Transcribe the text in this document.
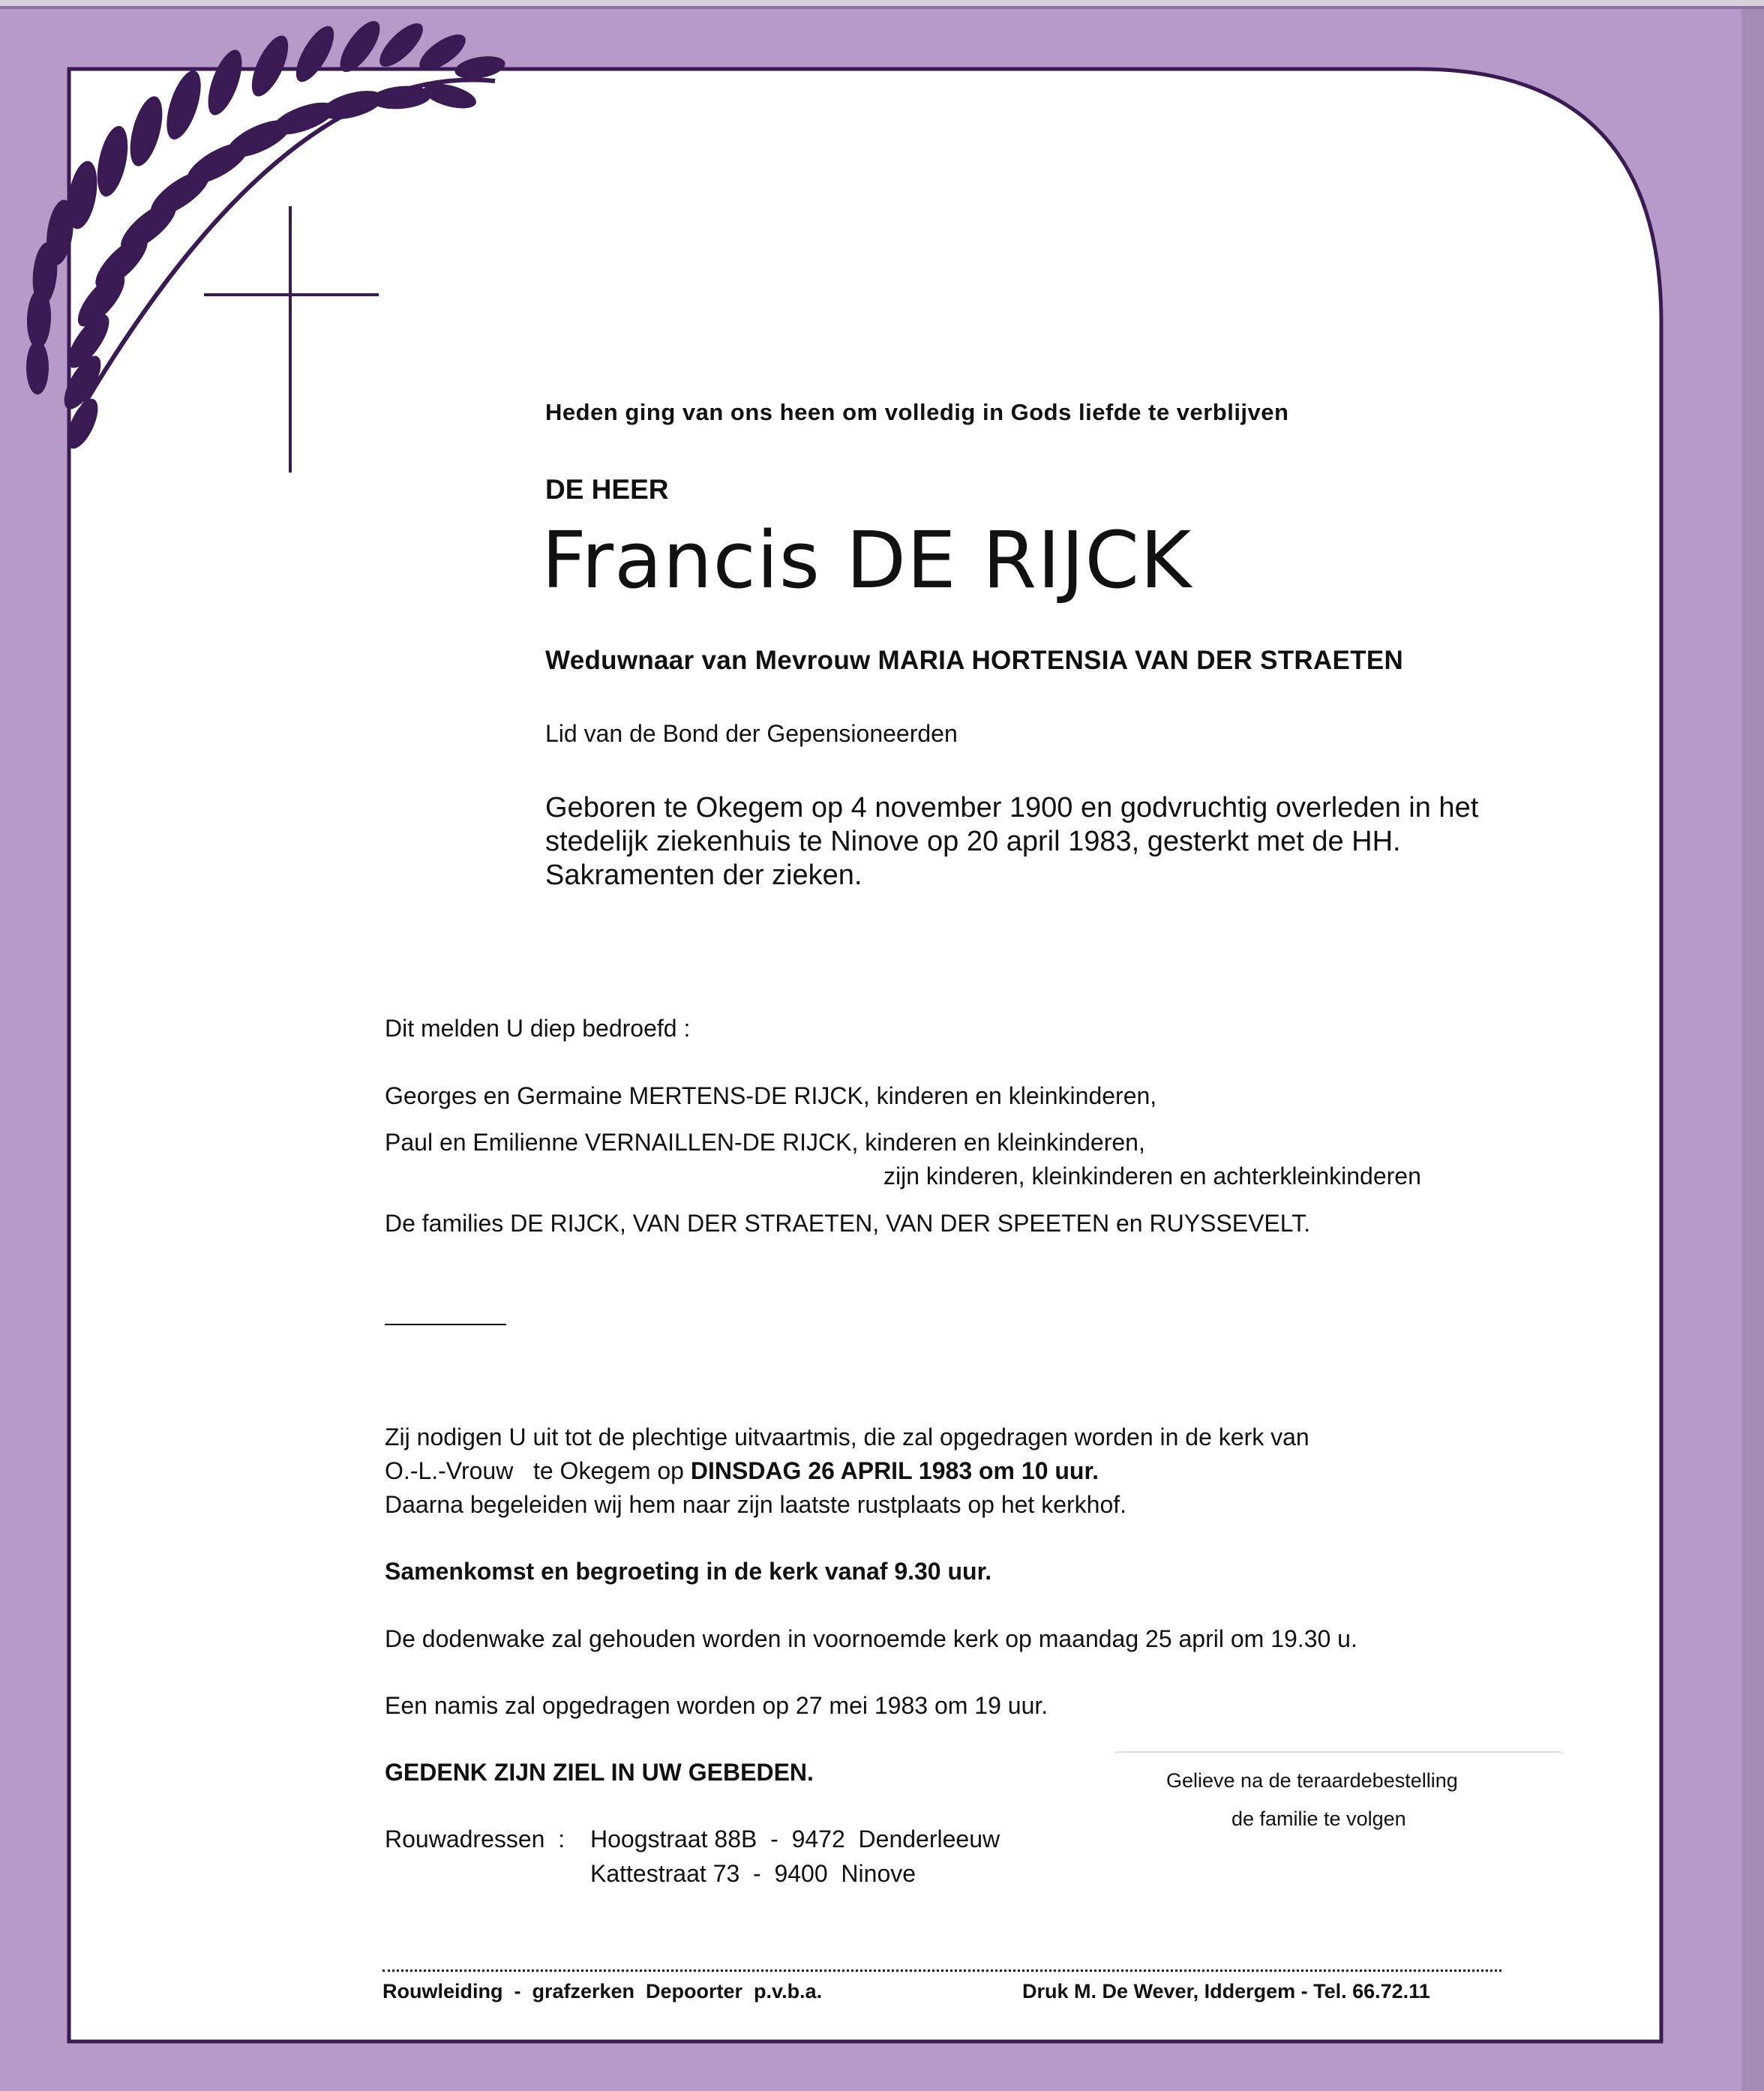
Heden ging van ons heen om volledig in Gods liefde te verblijven
DE HEER
Francis DE RIJCK
Weduwnaar van Mevrouw MARIA HORTENSIA VAN DER STRAETEN
Lid van de Bond der Gepensioneerden
Geboren te Okegem op 4 november 1900 en godvruchtig overleden in het stedelijk ziekenhuis te Ninove op 20 april 1983, gesterkt met de HH. Sakramenten der zieken.
Dit melden U diep bedroefd :
Georges en Germaine MERTENS-DE RIJCK, kinderen en kleinkinderen,
Paul en Emilienne VERNAILLEN-DE RIJCK, kinderen en kleinkinderen,
zijn kinderen, kleinkinderen en achterkleinkinderen
De families DE RIJCK, VAN DER STRAETEN, VAN DER SPEETEN en RUYSSEVELT.
Zij nodigen U uit tot de plechtige uitvaartmis, die zal opgedragen worden in de kerk van
O.-L.-Vrouw   te Okegem op DINSDAG 26 APRIL 1983 om 10 uur.
Daarna begeleiden wij hem naar zijn laatste rustplaats op het kerkhof.
Samenkomst en begroeting in de kerk vanaf 9.30 uur.
De dodenwake zal gehouden worden in voornoemde kerk op maandag 25 april om 19.30 u.
Een namis zal opgedragen worden op 27 mei 1983 om 19 uur.
GEDENK ZIJN ZIEL IN UW GEBEDEN.
Rouwadressen  : Hoogstraat 88B  -  9472  Denderleeuw
Kattestraat 73  -  9400  Ninove
Gelieve na de teraardebestelling
de familie te volgen
Rouwleiding  -  grafzerken  Depoorter  p.v.b.a.	Druk M. De Wever, Iddergem - Tel. 66.72.11
